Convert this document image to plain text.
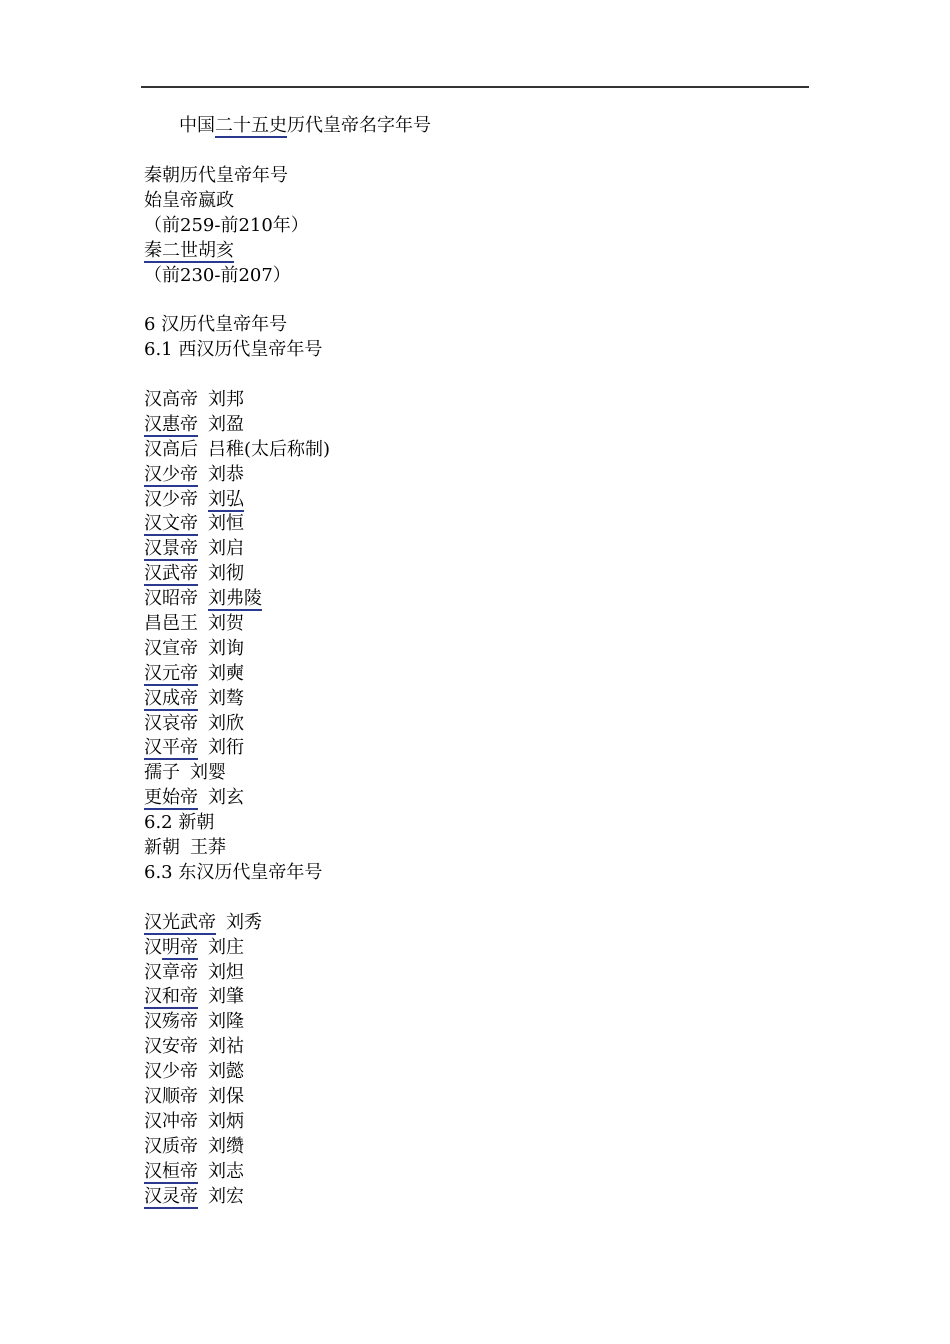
中国二十五史历代皇帝名字年号
秦朝历代皇帝年号
始皇帝嬴政
（前259-前210年）
秦二世胡亥
（前230-前207）
6 汉历代皇帝年号
6.1 西汉历代皇帝年号
汉高帝 刘邦
汉惠帝 刘盈
汉高后 吕稚(太后称制)
汉少帝 刘恭
汉少帝 刘弘
汉文帝 刘恒
汉景帝 刘启
汉武帝 刘彻
汉昭帝 刘弗陵
昌邑王 刘贺
汉宣帝 刘询
汉元帝 刘奭
汉成帝 刘骜
汉哀帝 刘欣
汉平帝 刘衎
孺子 刘婴
更始帝 刘玄
6.2 新朝
新朝 王莽
6.3 东汉历代皇帝年号
汉光武帝 刘秀
汉明帝 刘庄
汉章帝 刘炟
汉和帝 刘肇
汉殇帝 刘隆
汉安帝 刘祜
汉少帝 刘懿
汉顺帝 刘保
汉冲帝 刘炳
汉质帝 刘缵
汉桓帝 刘志
汉灵帝 刘宏
